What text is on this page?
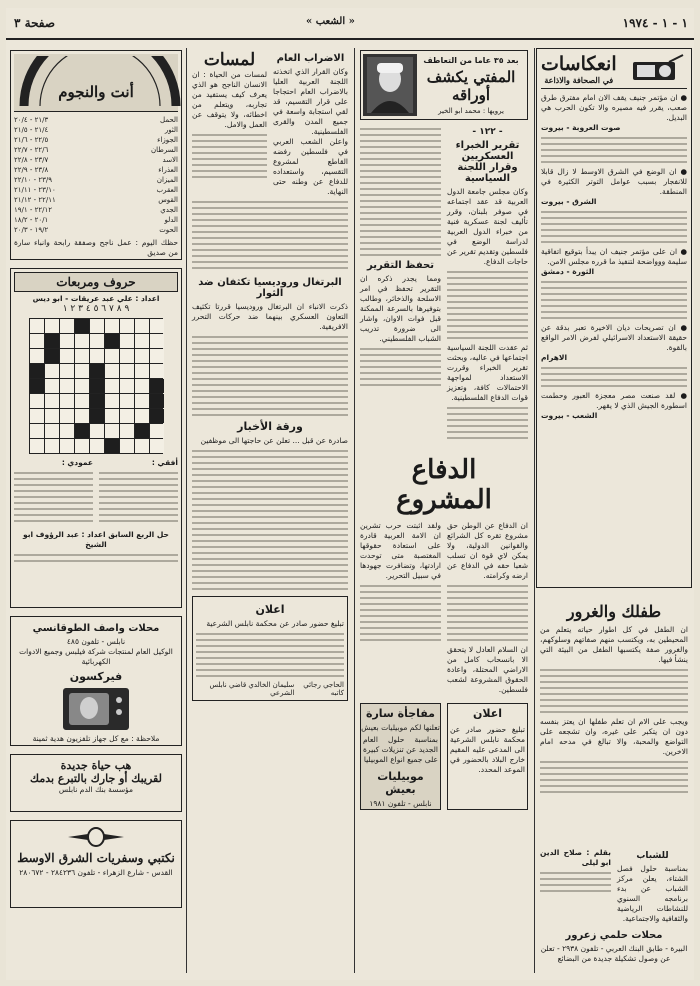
١ - ١ - ١٩٧٤
« الشعب »
صفحة ٣
انعكاسات
في الصحافة والاذاعة
● ان مؤتمر جنيف يقف الان امام مفترق طرق صعب، يقرر فيه مصيره والا تكون الحرب هي البديل.
صوت العروبة - بيروت
● ان الوضع في الشرق الاوسط لا زال قابلا للانفجار بسبب عوامل التوتر الكثيرة في المنطقة.
الشرق - بيروت
● ان على مؤتمر جنيف ان يبدأ بتوقيع اتفاقية سليمة ووواضحة لتنفيذ ما قرره مجلس الامن.
الثورة - دمشق
● ان تصريحات ديان الاخيرة تعبر بدقة عن حقيقة الاستعداد الاسرائيلي لفرض الامر الواقع بالقوة.
الاهرام
● لقد صنعت مصر معجزة العبور وحطمت اسطورة الجيش الذي لا يقهر.
الشعب - بيروت
طفلك والغرور
ان الطفل في كل اطوار حياته يتعلم من المحيطين به، ويكتسب منهم صفاتهم وسلوكهم، والغرور صفة يكتسبها الطفل من البيئة التي ينشأ فيها.
ويجب على الام ان تعلم طفلها ان يعتز بنفسه دون ان يتكبر على غيره، وان تشجعه على التواضع والمحبة، والا تبالغ في مدحه امام الاخرين.
للشباب
بمناسبة حلول فصل الشتاء، يعلن مركز الشباب عن بدء برنامجه السنوي للنشاطات الرياضية والثقافية والاجتماعية.
بقلم : صلاح الدين ابو ليلى
محلات حلمي زعرور
البيرة - طابق البنك العربي - تلفون ٢٩٣٨ - تعلن عن وصول تشكيلة جديدة من البضائع
بعد ٣٥ عاما من التعاطف
المفتي يكشف أوراقه
يرويها : محمد ابو الخير
- ١٢٢ -
تقرير الخبراء العسكريين وقرار اللجنة السياسية
وكان مجلس جامعة الدول العربية قد عقد اجتماعه في صوفر بلبنان، وقرر تأليف لجنة عسكرية فنية من خبراء الدول العربية لدراسة الوضع في فلسطين وتقديم تقرير عن حاجات الدفاع.
ثم عقدت اللجنة السياسية اجتماعها في عاليه، وبحثت تقرير الخبراء وقررت الاستعداد لمواجهة الاحتمالات كافة، وتعزيز قوات الدفاع الفلسطينية.
تحفظ التقرير
ومما يجدر ذكره ان التقرير تحفظ في امر الاسلحة والذخائر، وطالب بتوفيرها بالسرعة الممكنة قبل فوات الاوان، واشار الى ضرورة تدريب الشباب الفلسطيني.
الدفاع المشروع
ان الدفاع عن الوطن حق مشروع تقره كل الشرائع والقوانين الدولية، ولا يمكن لاي قوة ان تسلب شعبا حقه في الدفاع عن ارضه وكرامته.
ان السلام العادل لا يتحقق الا بانسحاب كامل من الاراضي المحتلة، واعادة الحقوق المشروعة لشعب فلسطين.
ولقد اثبتت حرب تشرين ان الامة العربية قادرة على استعادة حقوقها المغتصبة متى توحدت ارادتها، وتضافرت جهودها في سبيل التحرير.
اعلان
تبليغ حضور صادر عن محكمة نابلس الشرعية الى المدعى عليه المقيم خارج البلاد بالحضور في الموعد المحدد.
مفاجأة سارة
تعلنها لكم موبيليات بعيش
بمناسبة حلول العام الجديد عن تنزيلات كبيرة على جميع انواع الموبيليا
موبيليات بعيش
نابلس - تلفون ١٩٨١
الاضراب العام
وكان القرار الذي اتخذته اللجنة العربية العليا بالاضراب العام احتجاجا على قرار التقسيم، قد لقي استجابة واسعة في جميع المدن والقرى الفلسطينية.
واعلن الشعب العربي في فلسطين رفضه القاطع لمشروع التقسيم، واستعداده للدفاع عن وطنه حتى النهاية.
لمسات
لمسات من الحياة : ان الانسان الناجح هو الذي يعرف كيف يستفيد من تجاربه، ويتعلم من اخطائه، ولا يتوقف عن العمل والامل.
البرتغال وروديسيا تكثفان ضد الثوار
ذكرت الانباء ان البرتغال وروديسيا قررتا تكثيف التعاون العسكري بينهما ضد حركات التحرر الافريقية.
ورقة الأخبار
صادرة عن قبل ... تعلن عن حاجتها الى موظفين
اعلان
تبليغ حضور صادر عن محكمة نابلس الشرعية
الحاجي رجائي كاتبه
سليمان الخالدي قاضي نابلس الشرعي
أنت والنجوم
الحمل
٢١/٣ - ٢٠/٤
الثور
٢١/٤ - ٢١/٥
الجوزاء
٢٢/٥ - ٢١/٦
السرطان
٢٢/٦ - ٢٢/٧
الاسد
٢٣/٧ - ٢٢/٨
العذراء
٢٣/٨ - ٢٢/٩
الميزان
٢٣/٩ - ٢٢/١٠
العقرب
٢٣/١٠ - ٢١/١١
القوس
٢٢/١١ - ٢١/١٢
الجدي
٢٢/١٢ - ١٩/١
الدلو
٢٠/١ - ١٨/٢
الحوت
١٩/٢ - ٢٠/٣
حظك اليوم : عمل ناجح وصفقة رابحة وانباء سارة من صديق
حروف ومربعات
اعداد : علي عبد عريقات - ابو ديس
٩ ٨ ٧ ٦ ٥ ٤ ٣ ٢ ١
أفقي :
عمودي :
حل الربع السابق اعداد : عبد الرؤوف ابو الشيخ
محلات واصف الطوقانسي
نابلس - تلفون ٤٨٥
الوكيل العام لمنتجات شركة فيلبس وجميع الادوات الكهربائية
فيركسون
ملاحظة : مع كل جهاز تلفزيون هدية ثمينة
هب حياة جديدة
لقريبك أو جارك بالتبرع بدمك
مؤسسة بنك الدم نابلس
نكتبي وسفريات الشرق الاوسط
القدس - شارع الزهراء - تلفون ٢٨٤٢٣٦ - ٢٨٠٦٧٢
